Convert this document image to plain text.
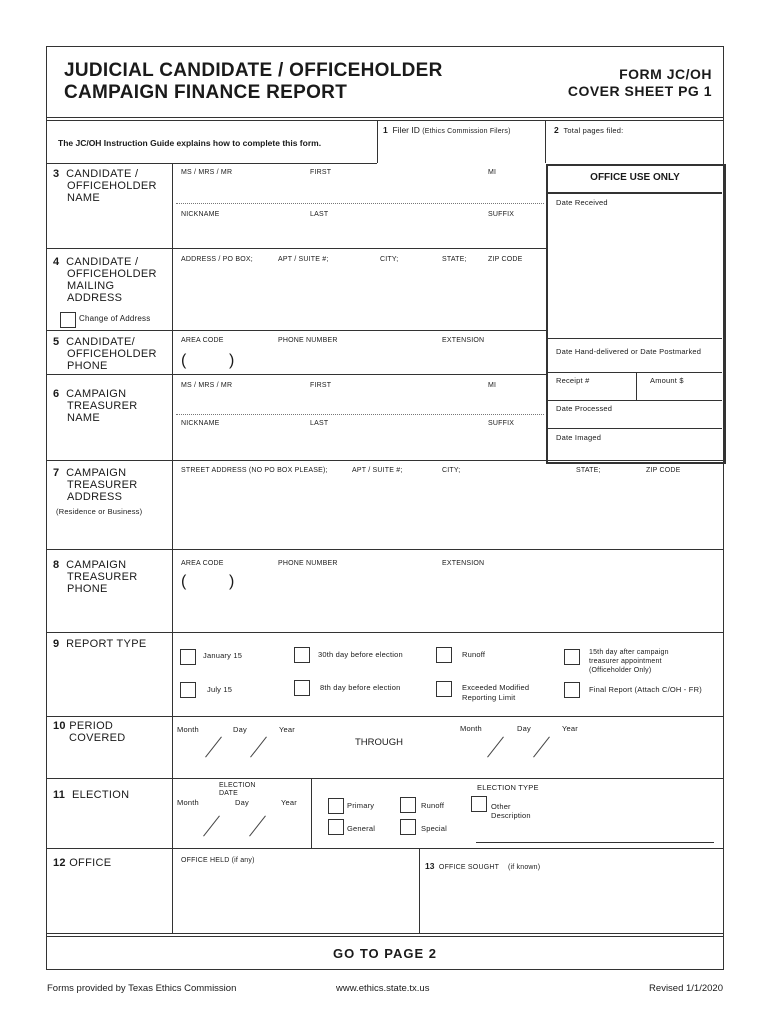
JUDICIAL CANDIDATE / OFFICEHOLDER
CAMPAIGN FINANCE REPORT
FORM JC/OH
COVER SHEET PG 1
The JC/OH Instruction Guide explains how to complete this form.
1 Filer ID (Ethics Commission Filers)	2 Total pages filed:
OFFICE USE ONLY
Date Received
Date Hand-delivered or Date Postmarked
Receipt #	Amount $
Date Processed
Date Imaged
3 CANDIDATE /
OFFICEHOLDER
NAME
MS / MRS / MR	FIRST	MI
NICKNAME	LAST	SUFFIX
4 CANDIDATE /
OFFICEHOLDER
MAILING
ADDRESS
Change of Address
ADDRESS / PO BOX;	APT / SUITE #;	CITY;	STATE;	ZIP CODE
5 CANDIDATE/
OFFICEHOLDER
PHONE
AREA CODE	PHONE NUMBER	EXTENSION
(	)
6 CAMPAIGN
TREASURER
NAME
MS / MRS / MR	FIRST	MI
NICKNAME	LAST	SUFFIX
7 CAMPAIGN
TREASURER
ADDRESS
(Residence or Business)
STREET ADDRESS (NO PO BOX PLEASE);	APT / SUITE #;	CITY;	STATE;	ZIP CODE
8 CAMPAIGN
TREASURER
PHONE
AREA CODE	PHONE NUMBER	EXTENSION
(	)
9 REPORT TYPE
January 15	30th day before election	Runoff	15th day after campaign
treasurer appointment
(Officeholder Only)
July 15	8th day before election	Exceeded Modified
Reporting Limit
Final Report (Attach C/OH - FR)
10 PERIOD
COVERED
Month	Day	Year
THROUGH
Month	Day	Year
11 ELECTION
ELECTION
DATE
Month	Day	Year
ELECTION TYPE
Primary	Runoff	Other
Description
General	Special
12 OFFICE	OFFICE HELD (if any)
13 OFFICE SOUGHT (if known)
GO TO PAGE 2
Forms provided by Texas Ethics Commission	www.ethics.state.tx.us	Revised 1/1/2020
